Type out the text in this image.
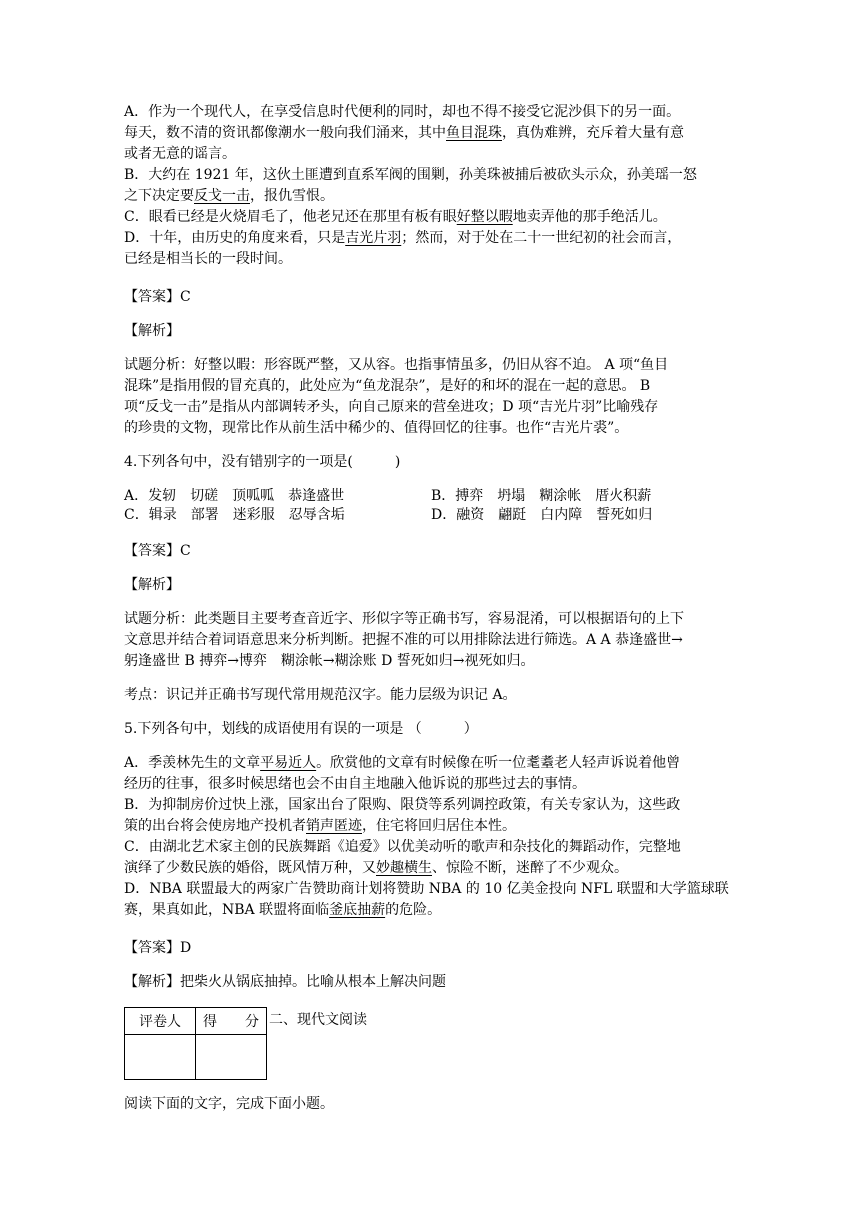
A．作为一个现代人，在享受信息时代便利的同时，却也不得不接受它泥沙俱下的另一面。
每天，数不清的资讯都像潮水一般向我们涌来，其中鱼目混珠，真伪难辨，充斥着大量有意
或者无意的谣言。
B．大约在 1921 年，这伙土匪遭到直系军阀的围剿，孙美珠被捕后被砍头示众，孙美瑶一怒
之下决定要反戈一击，报仇雪恨。
C．眼看已经是火烧眉毛了，他老兄还在那里有板有眼好整以暇地卖弄他的那手绝活儿。
D．十年，由历史的角度来看，只是吉光片羽；然而，对于处在二十一世纪初的社会而言，
已经是相当长的一段时间。
【答案】C
【解析】
试题分析：好整以暇：形容既严整，又从容。也指事情虽多，仍旧从容不迫。 A 项“鱼目
混珠”是指用假的冒充真的，此处应为“鱼龙混杂”，是好的和坏的混在一起的意思。 B
项“反戈一击”是指从内部调转矛头，向自己原来的营垒进攻；D 项“吉光片羽”比喻残存
的珍贵的文物，现常比作从前生活中稀少的、值得回忆的往事。也作“吉光片裘”。
4.下列各句中，没有错别字的一项是(　　　)
A．发轫　切磋　顶呱呱　恭逢盛世	B．搏弈　坍塌　糊涂帐　厝火积薪
C．辑录　部署　迷彩服　忍辱含垢	D．融资　翩跹　白内障　誓死如归
【答案】C
【解析】
试题分析：此类题目主要考查音近字、形似字等正确书写，容易混淆，可以根据语句的上下
文意思并结合着词语意思来分析判断。把握不准的可以用排除法进行筛选。A A 恭逢盛世→
躬逢盛世 B 搏弈→博弈　糊涂帐→糊涂账 D 誓死如归→视死如归。
考点：识记并正确书写现代常用规范汉字。能力层级为识记 A。
5.下列各句中，划线的成语使用有误的一项是 （　　　）
A．季羡林先生的文章平易近人。欣赏他的文章有时候像在听一位耄耋老人轻声诉说着他曾
经历的往事，很多时候思绪也会不由自主地融入他诉说的那些过去的事情。
B．为抑制房价过快上涨，国家出台了限购、限贷等系列调控政策，有关专家认为，这些政
策的出台将会使房地产投机者销声匿迹，住宅将回归居住本性。
C．由湖北艺术家主创的民族舞蹈《追爱》以优美动听的歌声和杂技化的舞蹈动作，完整地
演绎了少数民族的婚俗，既风情万种，又妙趣横生、惊险不断，迷醉了不少观众。
D．NBA 联盟最大的两家广告赞助商计划将赞助 NBA 的 10 亿美金投向 NFL 联盟和大学篮球联
赛，果真如此，NBA 联盟将面临釜底抽薪的危险。
【答案】D
【解析】把柴火从锅底抽掉。比喻从根本上解决问题
评卷人	得　　分
	二、现代文阅读
阅读下面的文字，完成下面小题。
